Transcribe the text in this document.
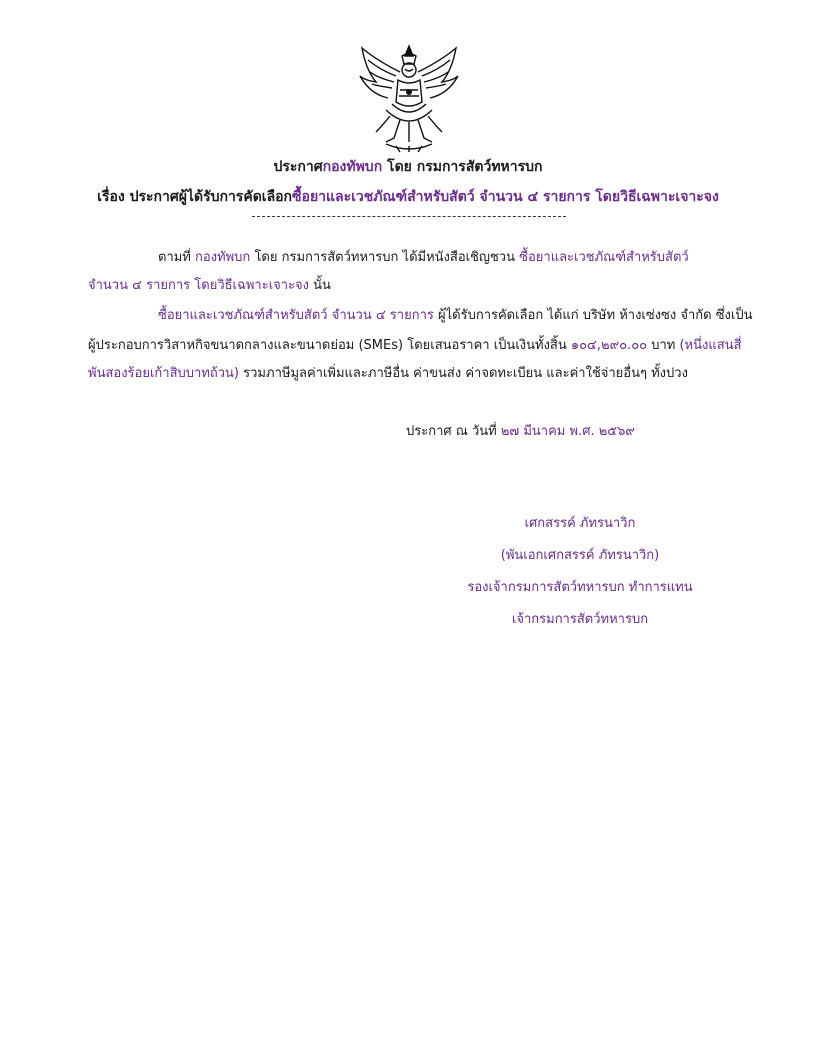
ประกาศกองทัพบก โดย กรมการสัตว์ทหารบก
เรื่อง ประกาศผู้ได้รับการคัดเลือกซื้อยาและเวชภัณฑ์สำหรับสัตว์ จำนวน ๔ รายการ โดยวิธีเฉพาะเจาะจง
ตามที่ กองทัพบก โดย กรมการสัตว์ทหารบก ได้มีหนังสือเชิญชวน ซื้อยาและเวชภัณฑ์สำหรับสัตว์
จำนวน ๔ รายการ โดยวิธีเฉพาะเจาะจง นั้น
ซื้อยาและเวชภัณฑ์สำหรับสัตว์ จำนวน ๔ รายการ ผู้ได้รับการคัดเลือก ได้แก่ บริษัท ห้างเซ่งซง จำกัด ซึ่งเป็น
ผู้ประกอบการวิสาหกิจขนาดกลางและขนาดย่อม (SMEs) โดยเสนอราคา เป็นเงินทั้งสิ้น ๑๐๔,๒๙๐.๐๐ บาท (หนึ่งแสนสี่
พันสองร้อยเก้าสิบบาทถ้วน) รวมภาษีมูลค่าเพิ่มและภาษีอื่น ค่าขนส่ง ค่าจดทะเบียน และค่าใช้จ่ายอื่นๆ ทั้งปวง
ประกาศ ณ วันที่ ๒๗ มีนาคม พ.ศ. ๒๕๖๙
เศกสรรค์ ภัทรนาวิก
(พันเอกเศกสรรค์ ภัทรนาวิก)
รองเจ้ากรมการสัตว์ทหารบก ทำการแทน
เจ้ากรมการสัตว์ทหารบก
